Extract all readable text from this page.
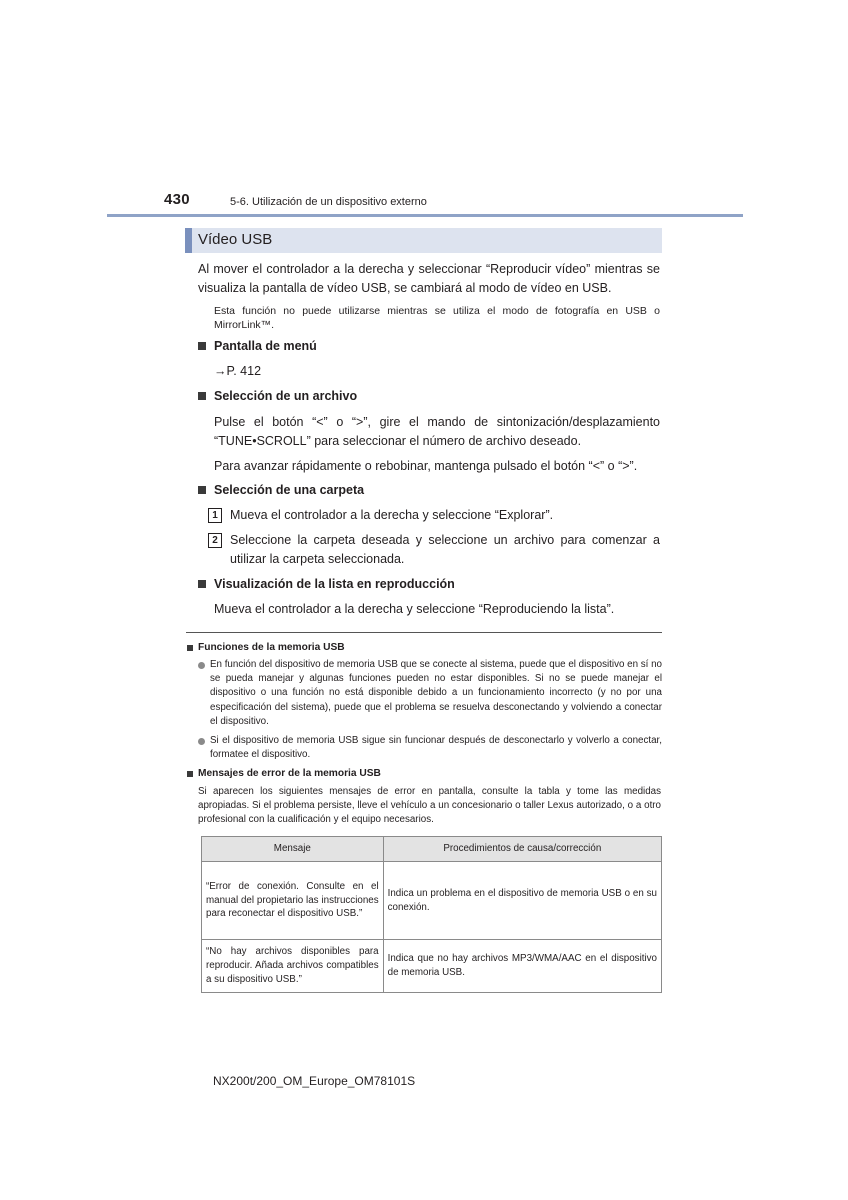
430	5-6. Utilización de un dispositivo externo
Vídeo USB
Al mover el controlador a la derecha y seleccionar “Reproducir vídeo” mientras se visualiza la pantalla de vídeo USB, se cambiará al modo de vídeo en USB.
Esta función no puede utilizarse mientras se utiliza el modo de fotografía en USB o MirrorLink™.
Pantalla de menú
→P. 412
Selección de un archivo
Pulse el botón “<” o “>”, gire el mando de sintonización/desplazamiento “TUNE•SCROLL” para seleccionar el número de archivo deseado.
Para avanzar rápidamente o rebobinar, mantenga pulsado el botón “<” o “>”.
Selección de una carpeta
1 Mueva el controlador a la derecha y seleccione “Explorar”.
2 Seleccione la carpeta deseada y seleccione un archivo para comenzar a utilizar la carpeta seleccionada.
Visualización de la lista en reproducción
Mueva el controlador a la derecha y seleccione “Reproduciendo la lista”.
Funciones de la memoria USB
En función del dispositivo de memoria USB que se conecte al sistema, puede que el dispositivo en sí no se pueda manejar y algunas funciones pueden no estar disponibles. Si no se puede manejar el dispositivo o una función no está disponible debido a un funcionamiento incorrecto (y no por una especificación del sistema), puede que el problema se resuelva desconectando y volviendo a conectar el dispositivo.
Si el dispositivo de memoria USB sigue sin funcionar después de desconectarlo y volverlo a conectar, formatee el dispositivo.
Mensajes de error de la memoria USB
Si aparecen los siguientes mensajes de error en pantalla, consulte la tabla y tome las medidas apropiadas. Si el problema persiste, lleve el vehículo a un concesionario o taller Lexus autorizado, o a otro profesional con la cualificación y el equipo necesarios.
Mensaje	Procedimientos de causa/corrección
“Error de conexión. Consulte en el manual del propietario las instrucciones para reconectar el dispositivo USB.”	Indica un problema en el dispositivo de memoria USB o en su conexión.
“No hay archivos disponibles para reproducir. Añada archivos compatibles a su dispositivo USB.”	Indica que no hay archivos MP3/WMA/AAC en el dispositivo de memoria USB.
NX200t/200_OM_Europe_OM78101S
